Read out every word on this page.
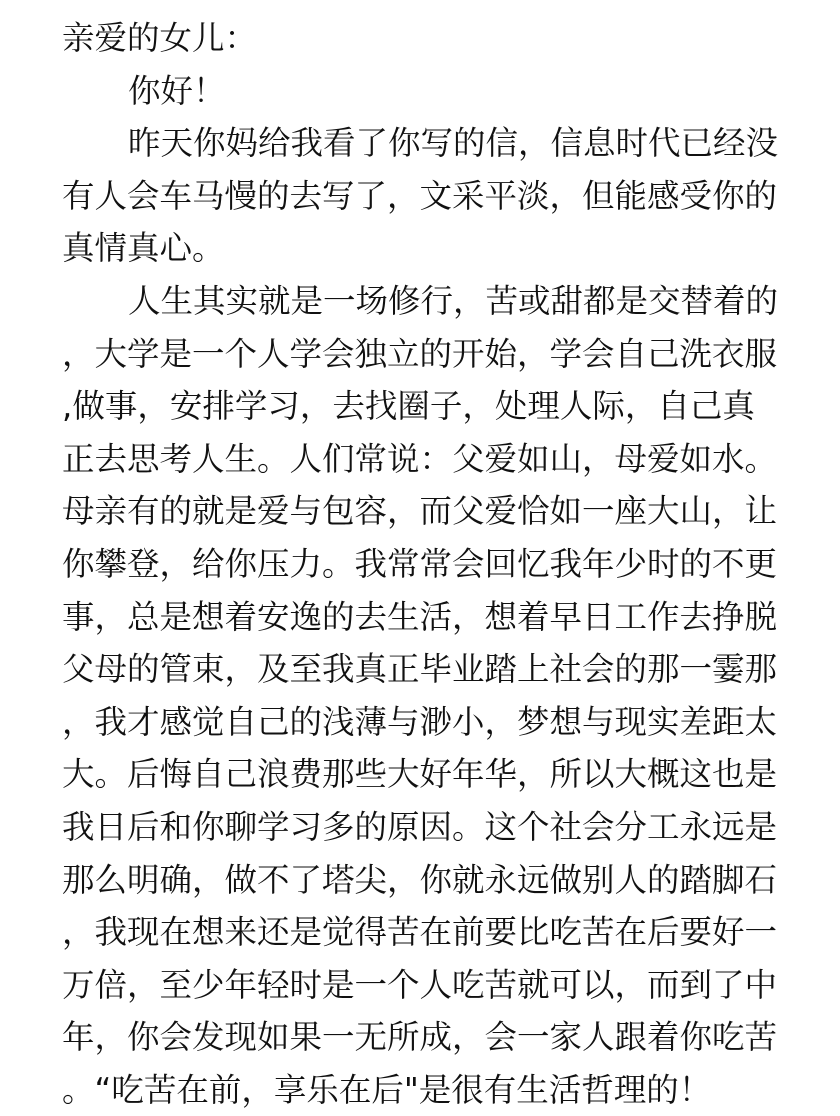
亲爱的女儿：
你好！
昨天你妈给我看了你写的信，信息时代已经没
有人会车马慢的去写了，文采平淡，但能感受你的
真情真心。
人生其实就是一场修行，苦或甜都是交替着的
，大学是一个人学会独立的开始，学会自己洗衣服
,做事，安排学习，去找圈子，处理人际，自己真
正去思考人生。人们常说：父爱如山，母爱如水。
母亲有的就是爱与包容，而父爱恰如一座大山，让
你攀登，给你压力。我常常会回忆我年少时的不更
事，总是想着安逸的去生活，想着早日工作去挣脱
父母的管束，及至我真正毕业踏上社会的那一霎那
，我才感觉自己的浅薄与渺小，梦想与现实差距太
大。后悔自己浪费那些大好年华，所以大概这也是
我日后和你聊学习多的原因。这个社会分工永远是
那么明确，做不了塔尖，你就永远做别人的踏脚石
，我现在想来还是觉得苦在前要比吃苦在后要好一
万倍，至少年轻时是一个人吃苦就可以，而到了中
年，你会发现如果一无所成，会一家人跟着你吃苦
。“吃苦在前，享乐在后"是很有生活哲理的！
